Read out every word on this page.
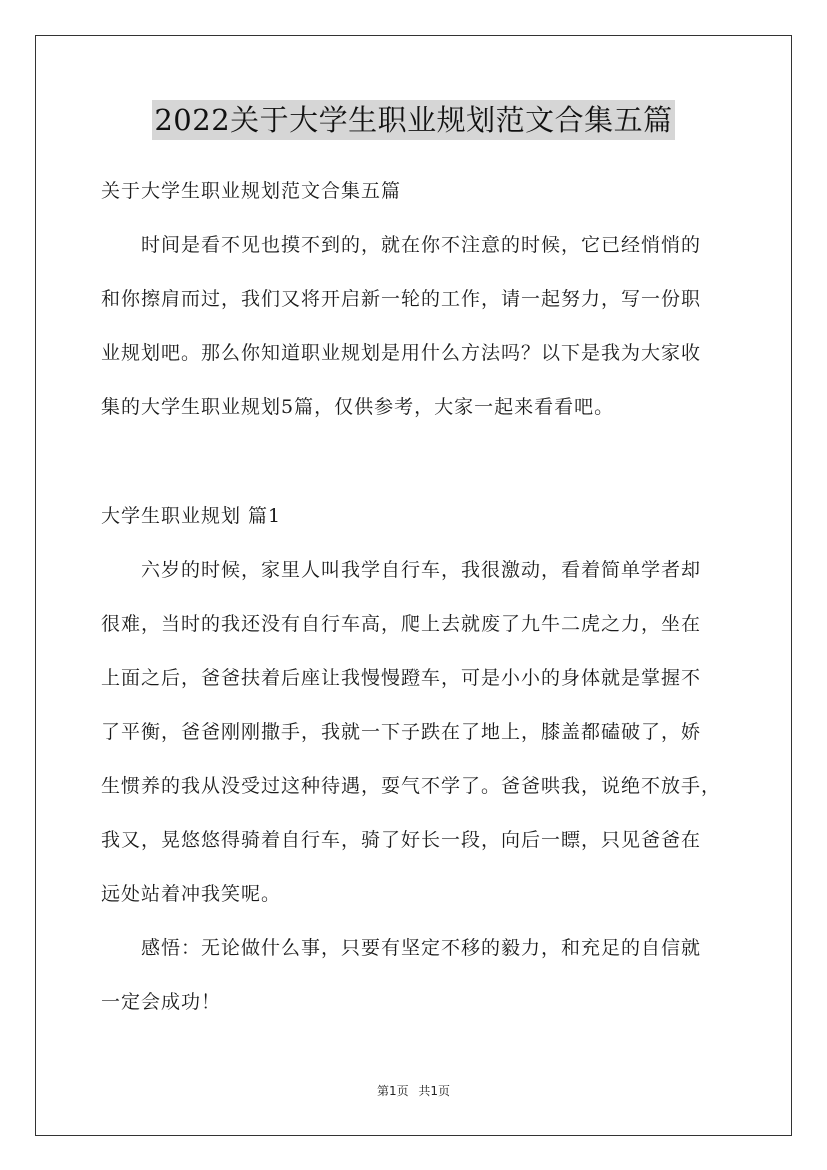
2022关于大学生职业规划范文合集五篇

关于大学生职业规划范文合集五篇

时间是看不见也摸不到的，就在你不注意的时候，它已经悄悄的

和你擦肩而过，我们又将开启新一轮的工作，请一起努力，写一份职

业规划吧。那么你知道职业规划是用什么方法吗？以下是我为大家收

集的大学生职业规划5篇，仅供参考，大家一起来看看吧。

大学生职业规划 篇1

六岁的时候，家里人叫我学自行车，我很激动，看着简单学者却

很难，当时的我还没有自行车高，爬上去就废了九牛二虎之力，坐在

上面之后，爸爸扶着后座让我慢慢蹬车，可是小小的身体就是掌握不

了平衡，爸爸刚刚撒手，我就一下子跌在了地上，膝盖都磕破了，娇

生惯养的我从没受过这种待遇，耍气不学了。爸爸哄我，说绝不放手，

我又，晃悠悠得骑着自行车，骑了好长一段，向后一瞟，只见爸爸在

远处站着冲我笑呢。

感悟：无论做什么事，只要有坚定不移的毅力，和充足的自信就

一定会成功！

第1页 共1页
